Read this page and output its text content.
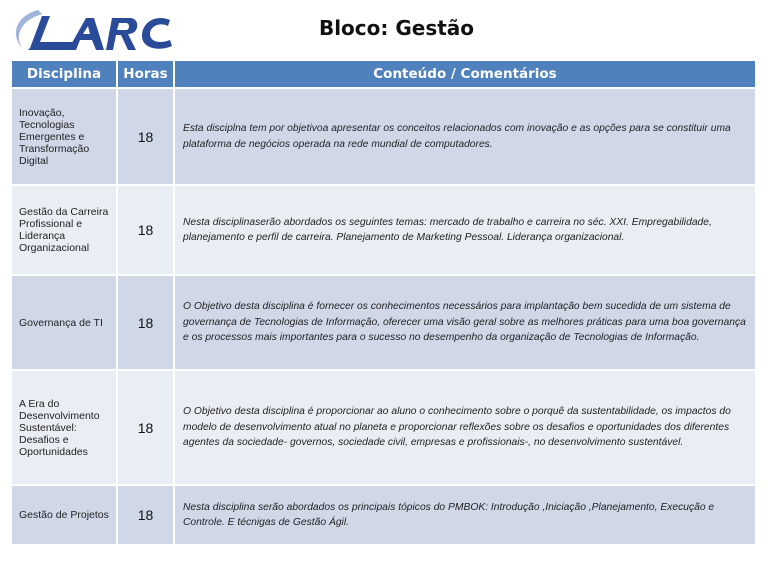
Bloco: Gestão
Disciplina	Horas	Conteúdo / Comentários
Inovação, Tecnologias Emergentes e Transformação Digital	18	Esta disciplna tem por objetivoa apresentar os conceitos relacionados com inovação e as opções para se constituir uma plataforma de negócios operada na rede mundial de computadores.
Gestão da Carreira Profissional e Liderança Organizacional	18	Nesta disciplinaserão abordados os seguintes temas: mercado de trabalho e carreira no séc. XXI. Empregabilidade, planejamento e perfil de carreira. Planejamento de Marketing Pessoal. Liderança organizacional.
Governança de TI	18	O Objetivo desta disciplina é fornecer os conhecimentos necessários para implantação bem sucedida de um sistema de governança de Tecnologias de Informação, oferecer uma visão geral sobre as melhores práticas para uma boa governança e os processos mais importantes para o sucesso no desempenho da organização de Tecnologias de Informação.
A Era do Desenvolvimento Sustentável: Desafios e Oportunidades	18	O Objetivo desta disciplina é proporcionar ao aluno o conhecimento sobre o porquê da sustentabilidade, os impactos do modelo de desenvolvimento atual no planeta e proporcionar reflexões sobre os desafios e oportunidades dos diferentes agentes da sociedade- governos, sociedade civil, empresas e profissionais-, no desenvolvimento sustentável.
Gestão de Projetos	18	Nesta disciplina serão abordados os principais tópicos do PMBOK: Introdução ,Iniciação ,Planejamento, Execução e Controle. E técnigas de Gestão Ágil.
